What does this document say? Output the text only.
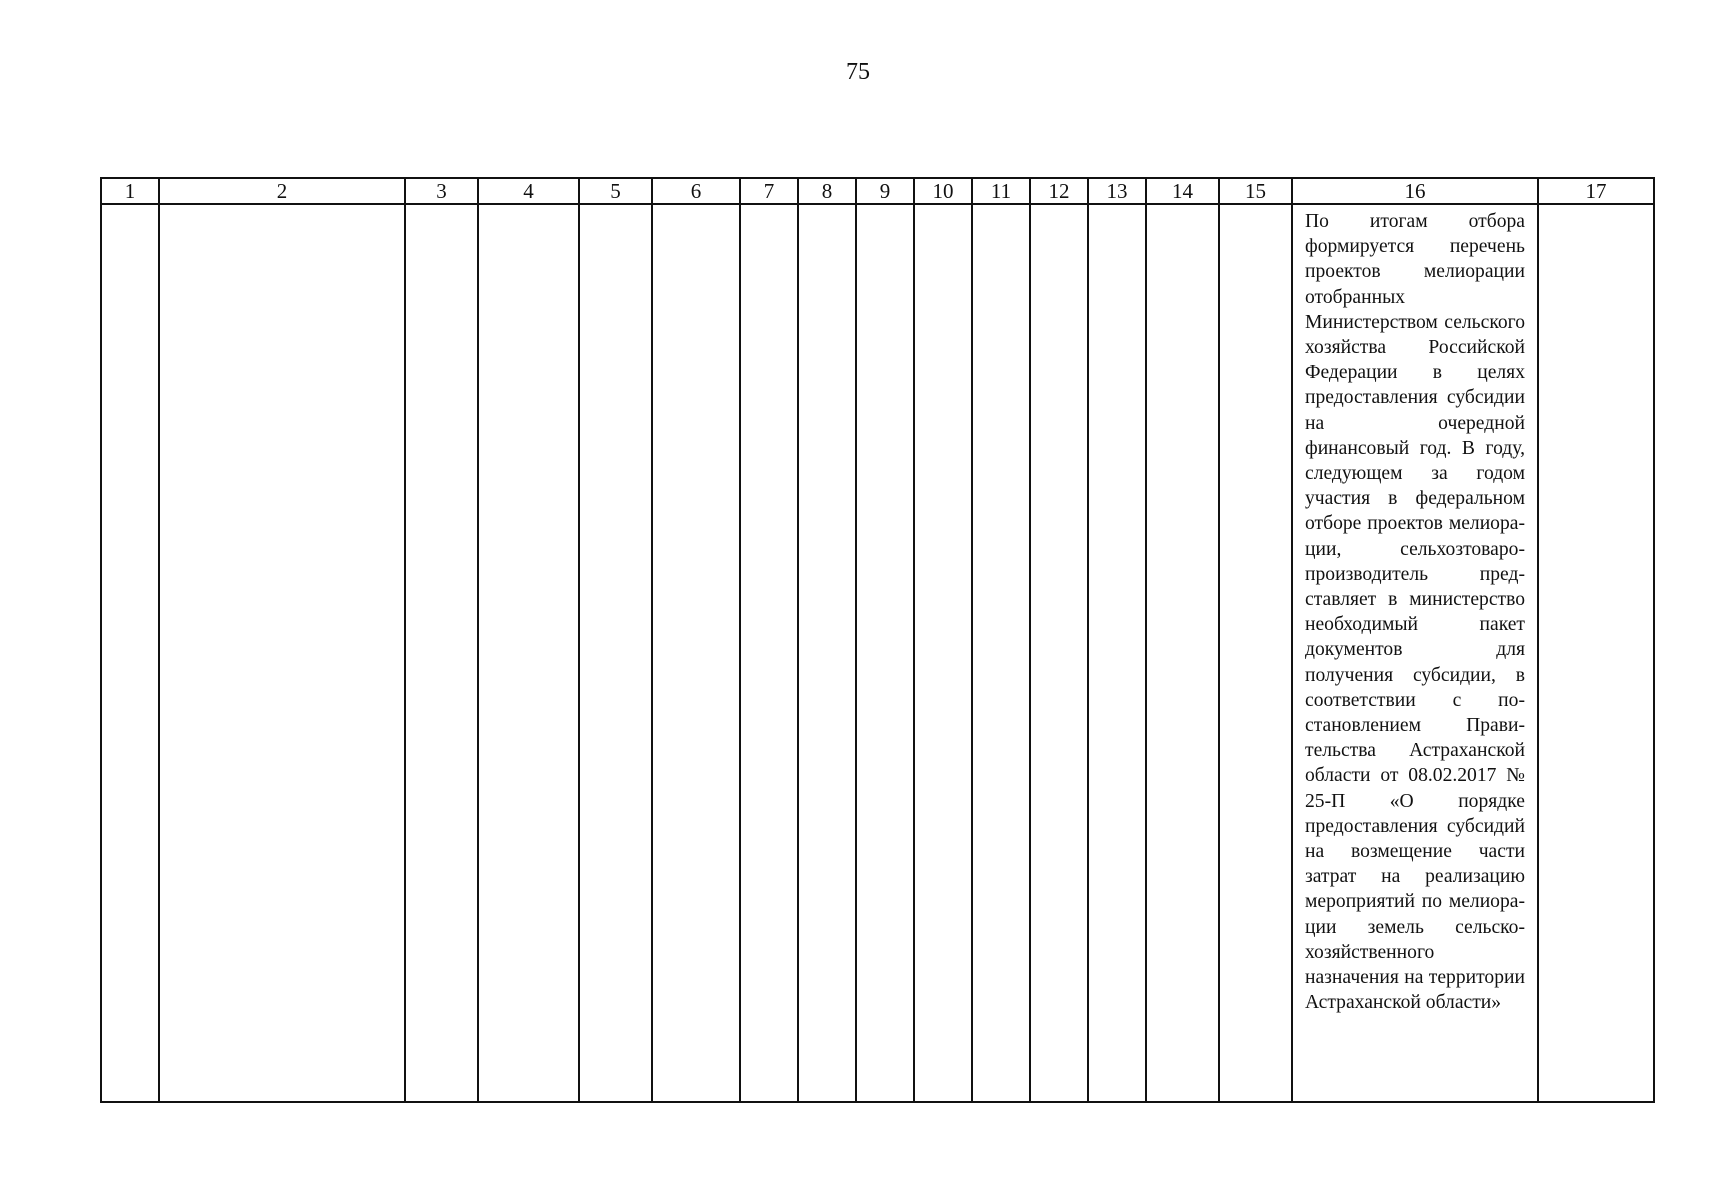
75
1	2	3	4	5	6	7	8	9	10	11	12	13	14	15	16	17

															По итогам отбора формируется перечень проектов мелиорации отобранных Министерством сельского хозяйства Российской Федерации в целях предоставления субсидии на очередной финансовый год. В году, следующем за годом участия в федеральном отборе проектов мелиорации, сельхозтоваропроизводитель представляет в министерство необходимый пакет документов для получения субсидии, в соответствии с постановлением Правительства Астраханской области от 08.02.2017 № 25-П «О порядке предоставления субсидий на возмещение части затрат на реализацию мероприятий по мелиорации земель сельскохозяйственного назначения на территории Астраханской области»	
